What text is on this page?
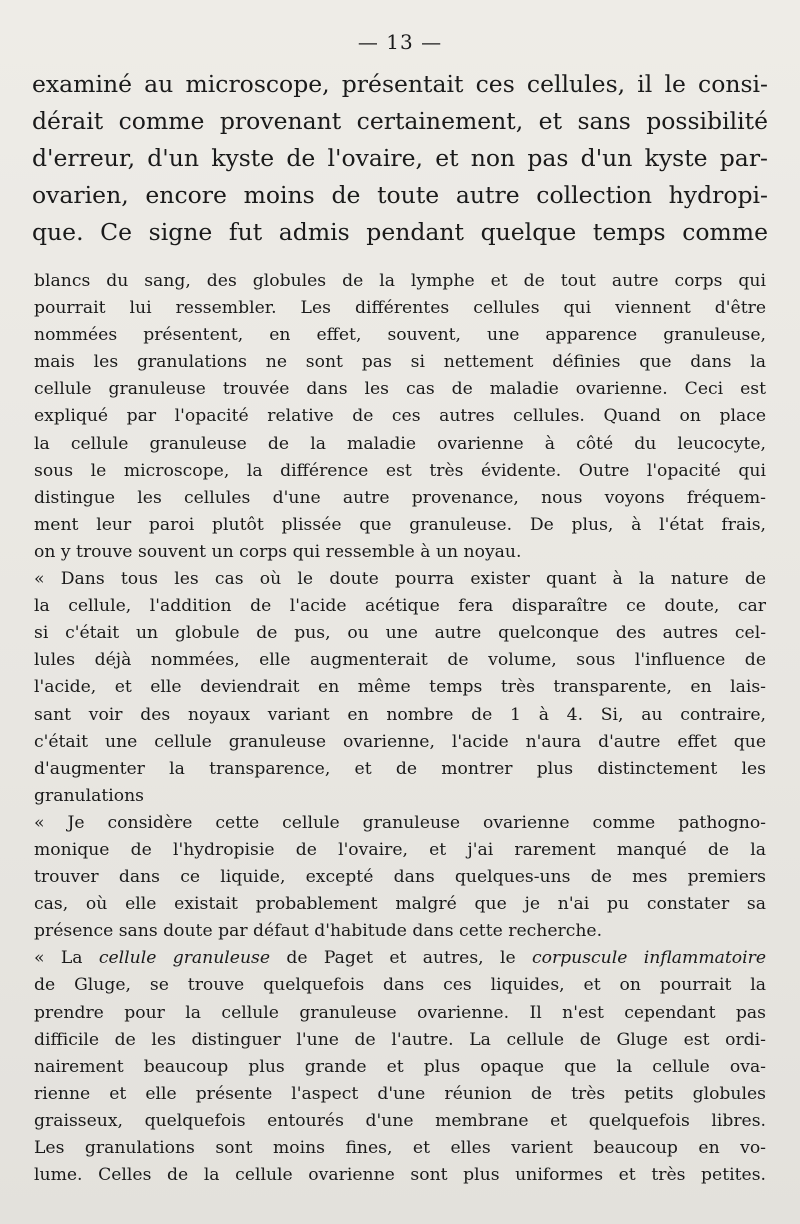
— 13 —
examiné au microscope, présentait ces cellules, il le consi-
dérait comme provenant certainement, et sans possibilité
d'erreur, d'un kyste de l'ovaire, et non pas d'un kyste par-
ovarien, encore moins de toute autre collection hydropi-
que. Ce signe fut admis pendant quelque temps comme
blancs du sang, des globules de la lymphe et de tout autre corps qui
pourrait lui ressembler. Les différentes cellules qui viennent d'être
nommées présentent, en effet, souvent, une apparence granuleuse,
mais les granulations ne sont pas si nettement définies que dans la
cellule granuleuse trouvée dans les cas de maladie ovarienne. Ceci est
expliqué par l'opacité relative de ces autres cellules. Quand on place
la cellule granuleuse de la maladie ovarienne à côté du leucocyte,
sous le microscope, la différence est très évidente. Outre l'opacité qui
distingue les cellules d'une autre provenance, nous voyons fréquem-
ment leur paroi plutôt plissée que granuleuse. De plus, à l'état frais,
on y trouve souvent un corps qui ressemble à un noyau.
« Dans tous les cas où le doute pourra exister quant à la nature de
la cellule, l'addition de l'acide acétique fera disparaître ce doute, car
si c'était un globule de pus, ou une autre quelconque des autres cel-
lules déjà nommées, elle augmenterait de volume, sous l'influence de
l'acide, et elle deviendrait en même temps très transparente, en lais-
sant voir des noyaux variant en nombre de 1 à 4. Si, au contraire,
c'était une cellule granuleuse ovarienne, l'acide n'aura d'autre effet que
d'augmenter la transparence, et de montrer plus distinctement les
granulations
« Je considère cette cellule granuleuse ovarienne comme pathogno-
monique de l'hydropisie de l'ovaire, et j'ai rarement manqué de la
trouver dans ce liquide, excepté dans quelques-uns de mes premiers
cas, où elle existait probablement malgré que je n'ai pu constater sa
présence sans doute par défaut d'habitude dans cette recherche.
« La cellule granuleuse de Paget et autres, le corpuscule inflammatoire
de Gluge, se trouve quelquefois dans ces liquides, et on pourrait la
prendre pour la cellule granuleuse ovarienne. Il n'est cependant pas
difficile de les distinguer l'une de l'autre. La cellule de Gluge est ordi-
nairement beaucoup plus grande et plus opaque que la cellule ova-
rienne et elle présente l'aspect d'une réunion de très petits globules
graisseux, quelquefois entourés d'une membrane et quelquefois libres.
Les granulations sont moins fines, et elles varient beaucoup en vo-
lume. Celles de la cellule ovarienne sont plus uniformes et très petites.
